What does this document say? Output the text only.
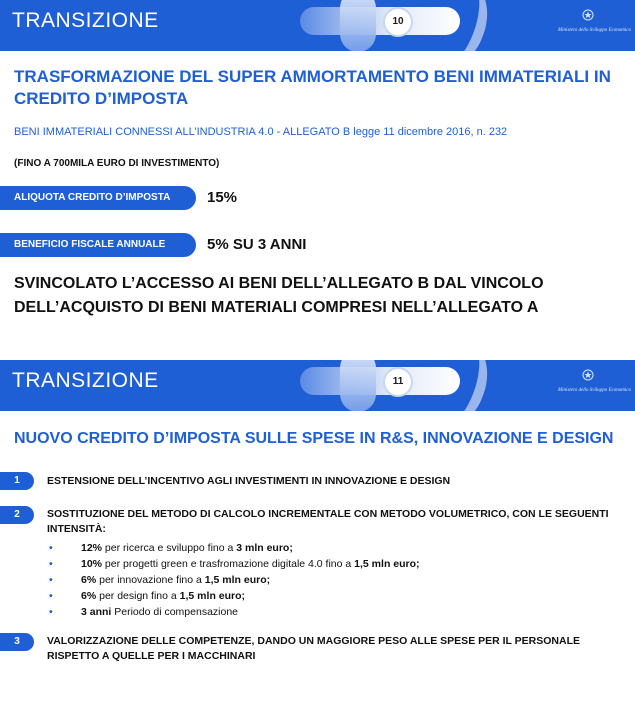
TRANSIZIONE	10
Ministero dello Sviluppo Economico
TRASFORMAZIONE DEL SUPER AMMORTAMENTO BENI IMMATERIALI IN CREDITO D’IMPOSTA
BENI IMMATERIALI CONNESSI ALL’INDUSTRIA 4.0 - ALLEGATO B legge 11 dicembre 2016, n. 232
(FINO A 700MILA EURO DI INVESTIMENTO)
ALIQUOTA CREDITO D’IMPOSTA	15%
BENEFICIO FISCALE ANNUALE	5% SU 3 ANNI
SVINCOLATO L’ACCESSO AI BENI DELL’ALLEGATO B DAL VINCOLO DELL’ACQUISTO DI BENI MATERIALI COMPRESI NELL’ALLEGATO A
TRANSIZIONE	11
Ministero dello Sviluppo Economico
NUOVO CREDITO D’IMPOSTA SULLE SPESE IN R&S, INNOVAZIONE E DESIGN
1	ESTENSIONE DELL’INCENTIVO AGLI INVESTIMENTI IN INNOVAZIONE E DESIGN
2	SOSTITUZIONE DEL METODO DI CALCOLO INCREMENTALE CON METODO VOLUMETRICO, CON LE SEGUENTI INTENSITÀ:
•	12% per ricerca e sviluppo fino a 3 mln euro;
•	10% per progetti green e trasfromazione digitale 4.0 fino a 1,5 mln euro;
•	6% per innovazione fino a 1,5 mln euro;
•	6% per design fino a 1,5 mln euro;
•	3 anni Periodo di compensazione
3	VALORIZZAZIONE DELLE COMPETENZE, DANDO UN MAGGIORE PESO ALLE SPESE PER IL PERSONALE RISPETTO A QUELLE PER I MACCHINARI
